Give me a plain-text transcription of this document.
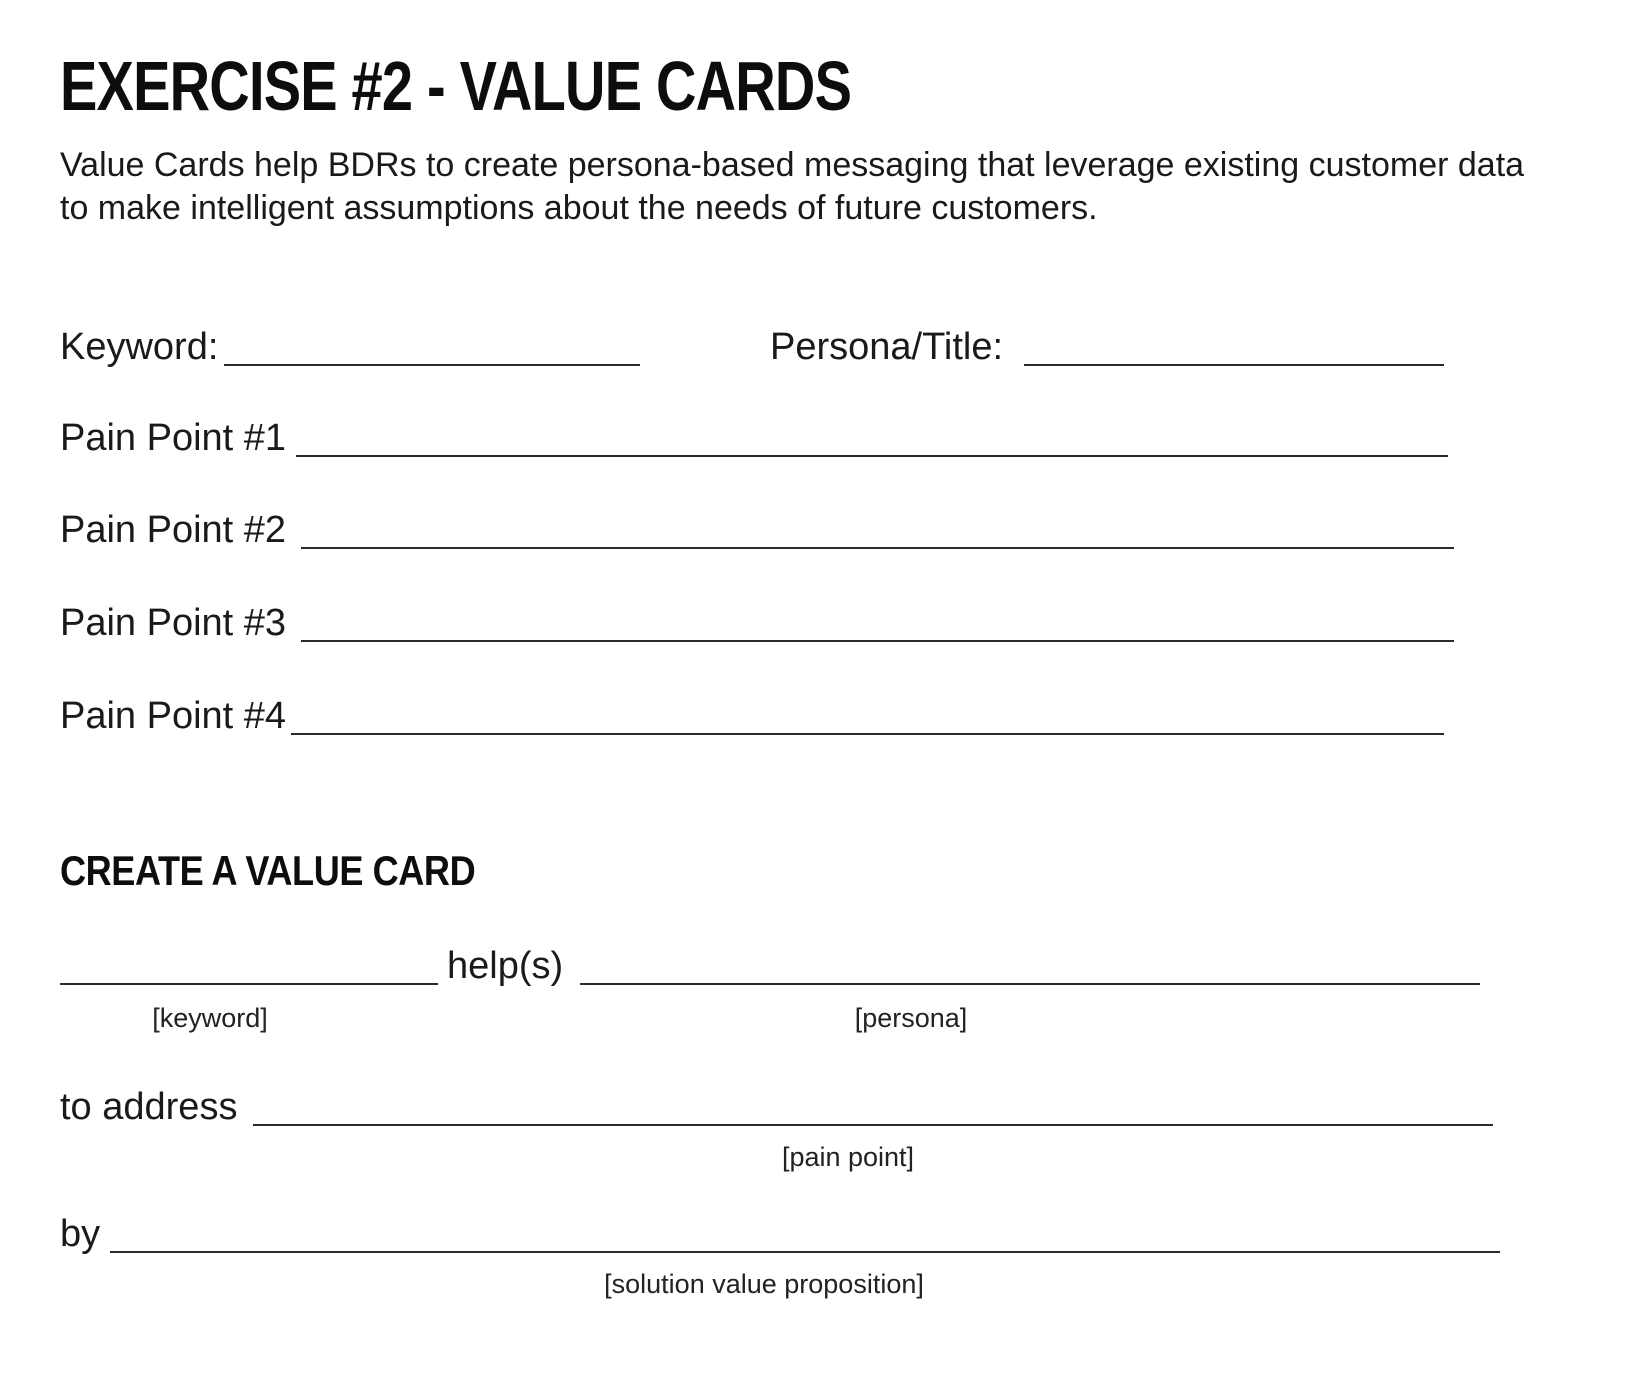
EXERCISE #2 - VALUE CARDS
Value Cards help BDRs to create persona-based messaging that leverage existing customer data
to make intelligent assumptions about the needs of future customers.
Keyword:	Persona/Title:
Pain Point #1
Pain Point #2
Pain Point #3
Pain Point #4
CREATE A VALUE CARD
help(s)
[keyword]	[persona]
to address
[pain point]
by
[solution value proposition]
